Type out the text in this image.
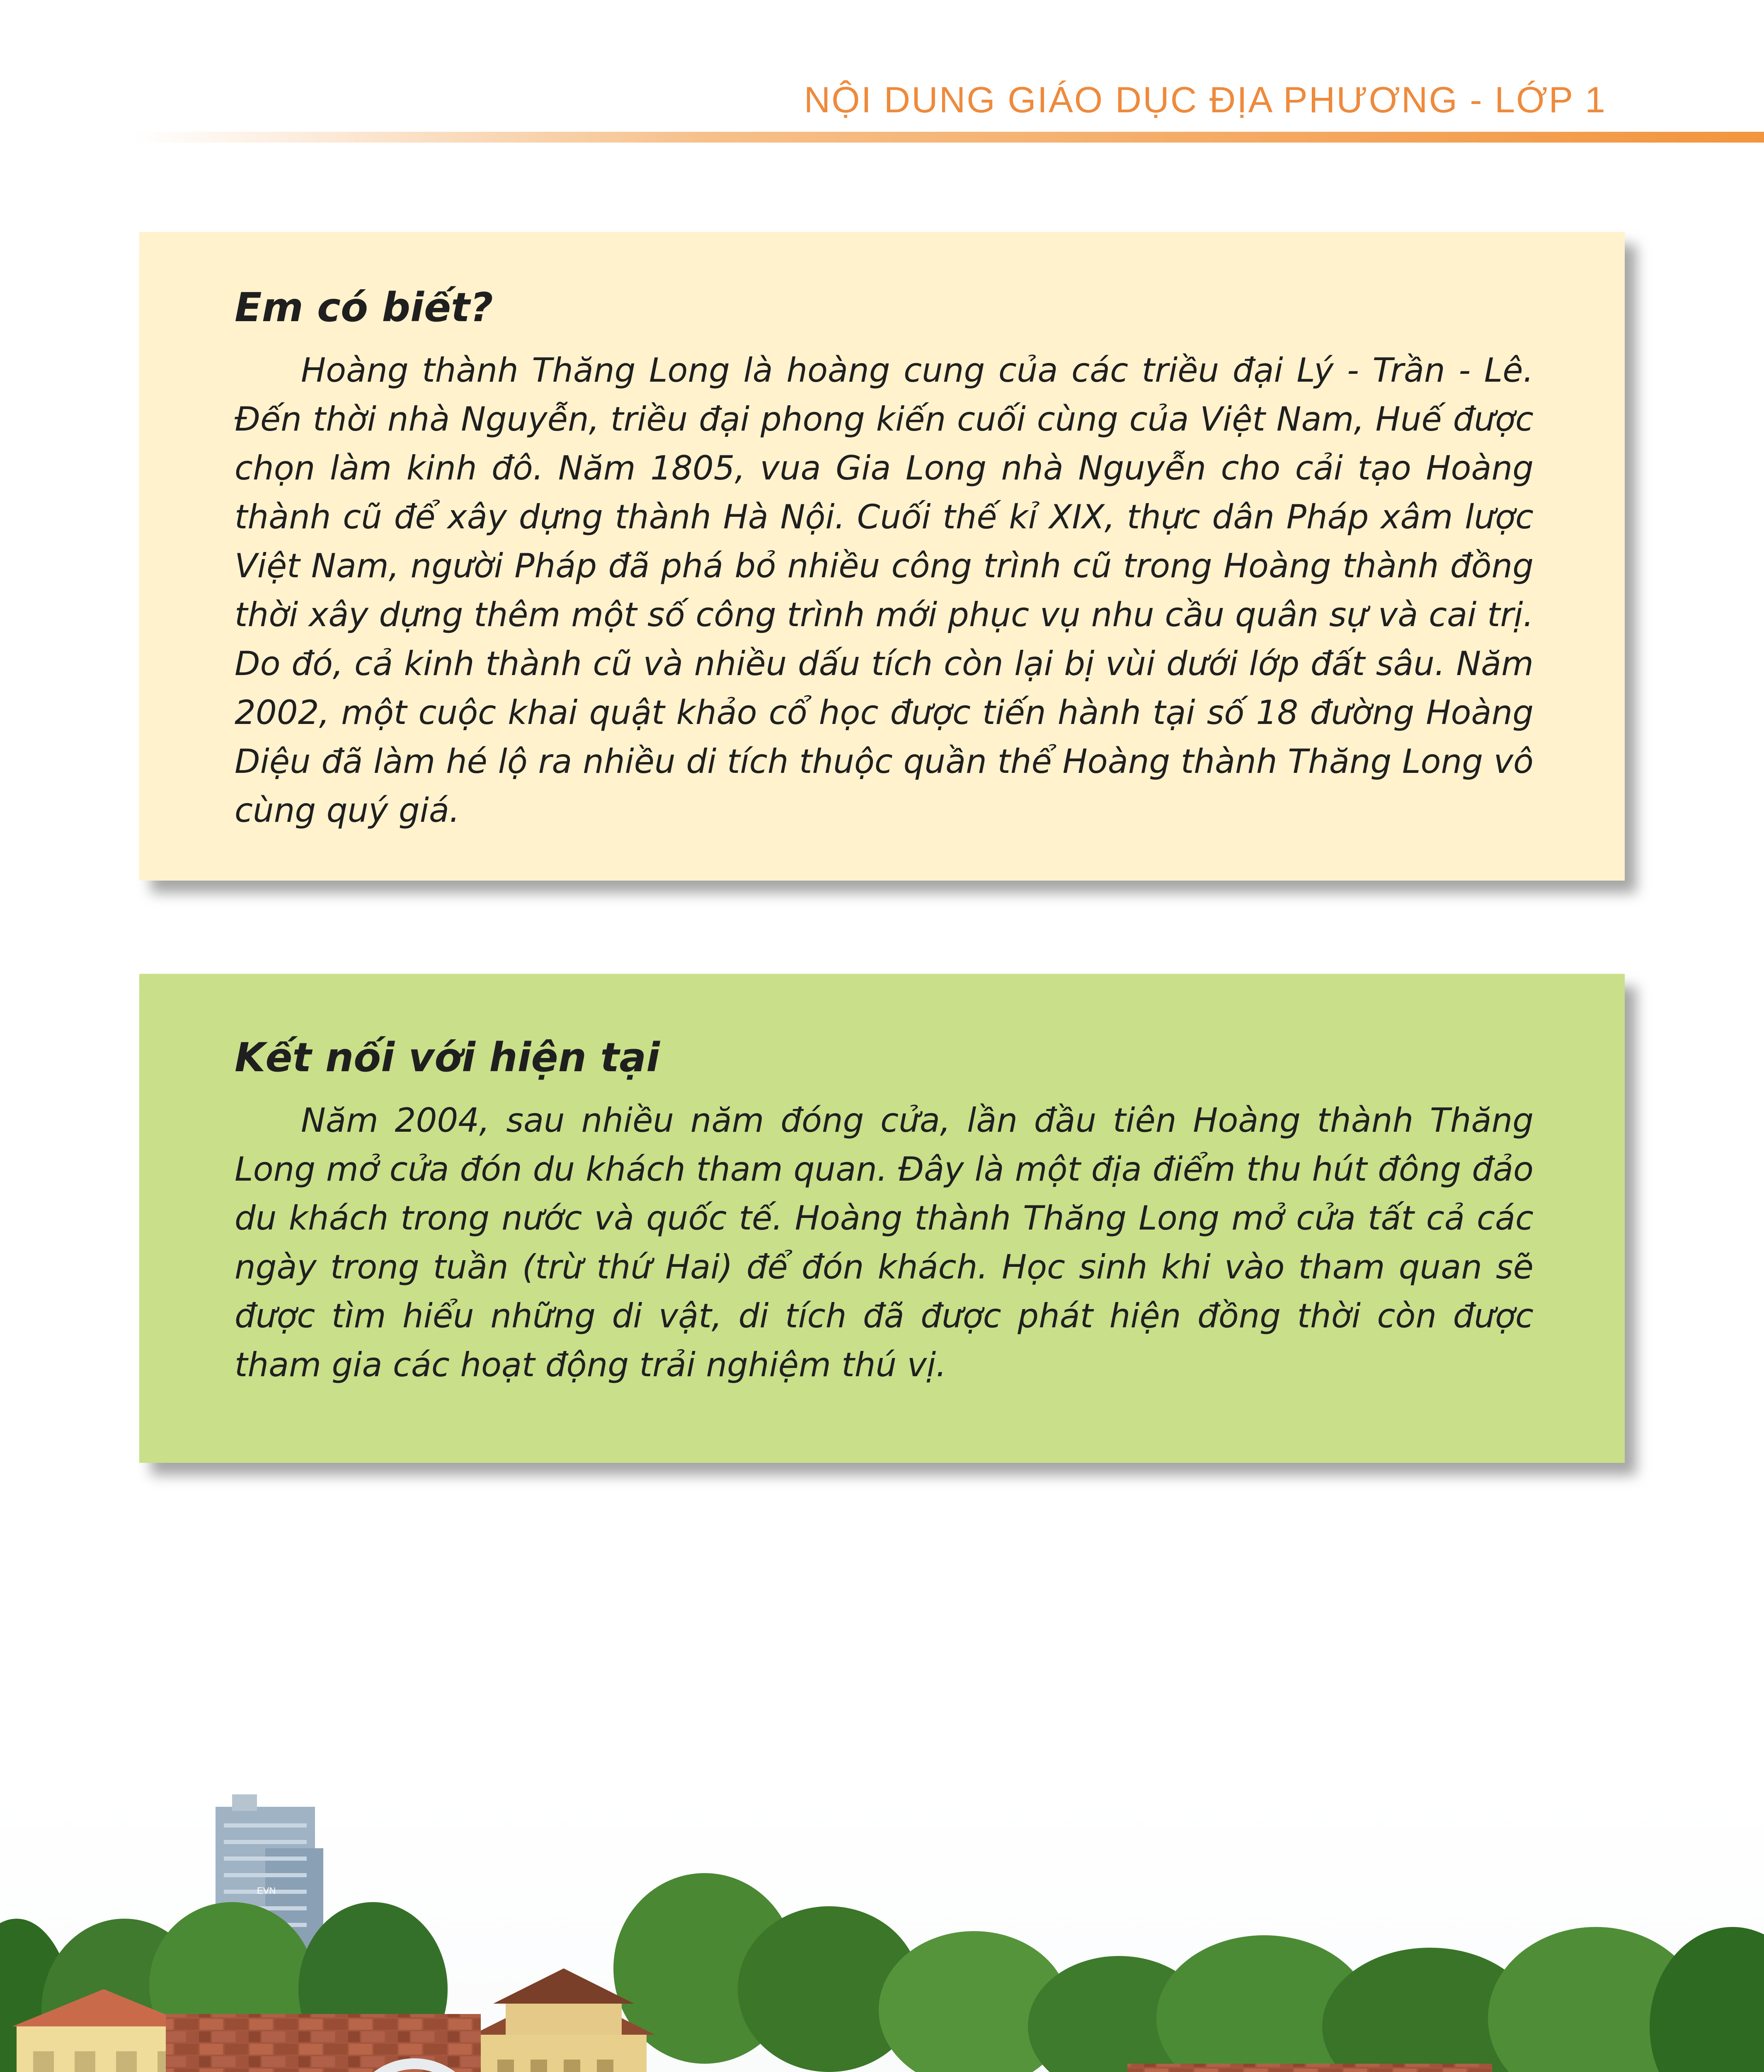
NỘI DUNG GIÁO DỤC ĐỊA PHƯƠNG - LỚP 1
Em có biết?

Hoàng thành Thăng Long là hoàng cung của các triều đại Lý - Trần - Lê. Đến thời nhà Nguyễn, triều đại phong kiến cuối cùng của Việt Nam, Huế được chọn làm kinh đô. Năm 1805, vua Gia Long nhà Nguyễn cho cải tạo Hoàng thành cũ để xây dựng thành Hà Nội. Cuối thế kỉ XIX, thực dân Pháp xâm lược Việt Nam, người Pháp đã phá bỏ nhiều công trình cũ trong Hoàng thành đồng thời xây dựng thêm một số công trình mới phục vụ nhu cầu quân sự và cai trị. Do đó, cả kinh thành cũ và nhiều dấu tích còn lại bị vùi dưới lớp đất sâu. Năm 2002, một cuộc khai quật khảo cổ học được tiến hành tại số 18 đường Hoàng Diệu đã làm hé lộ ra nhiều di tích thuộc quần thể Hoàng thành Thăng Long vô cùng quý giá.

Kết nối với hiện tại

Năm 2004, sau nhiều năm đóng cửa, lần đầu tiên Hoàng thành Thăng Long mở cửa đón du khách tham quan. Đây là một địa điểm thu hút đông đảo du khách trong nước và quốc tế. Hoàng thành Thăng Long mở cửa tất cả các ngày trong tuần (trừ thứ Hai) để đón khách. Học sinh khi vào tham quan sẽ được tìm hiểu những di vật, di tích đã được phát hiện đồng thời còn được tham gia các hoạt động trải nghiệm thú vị.

EVN
